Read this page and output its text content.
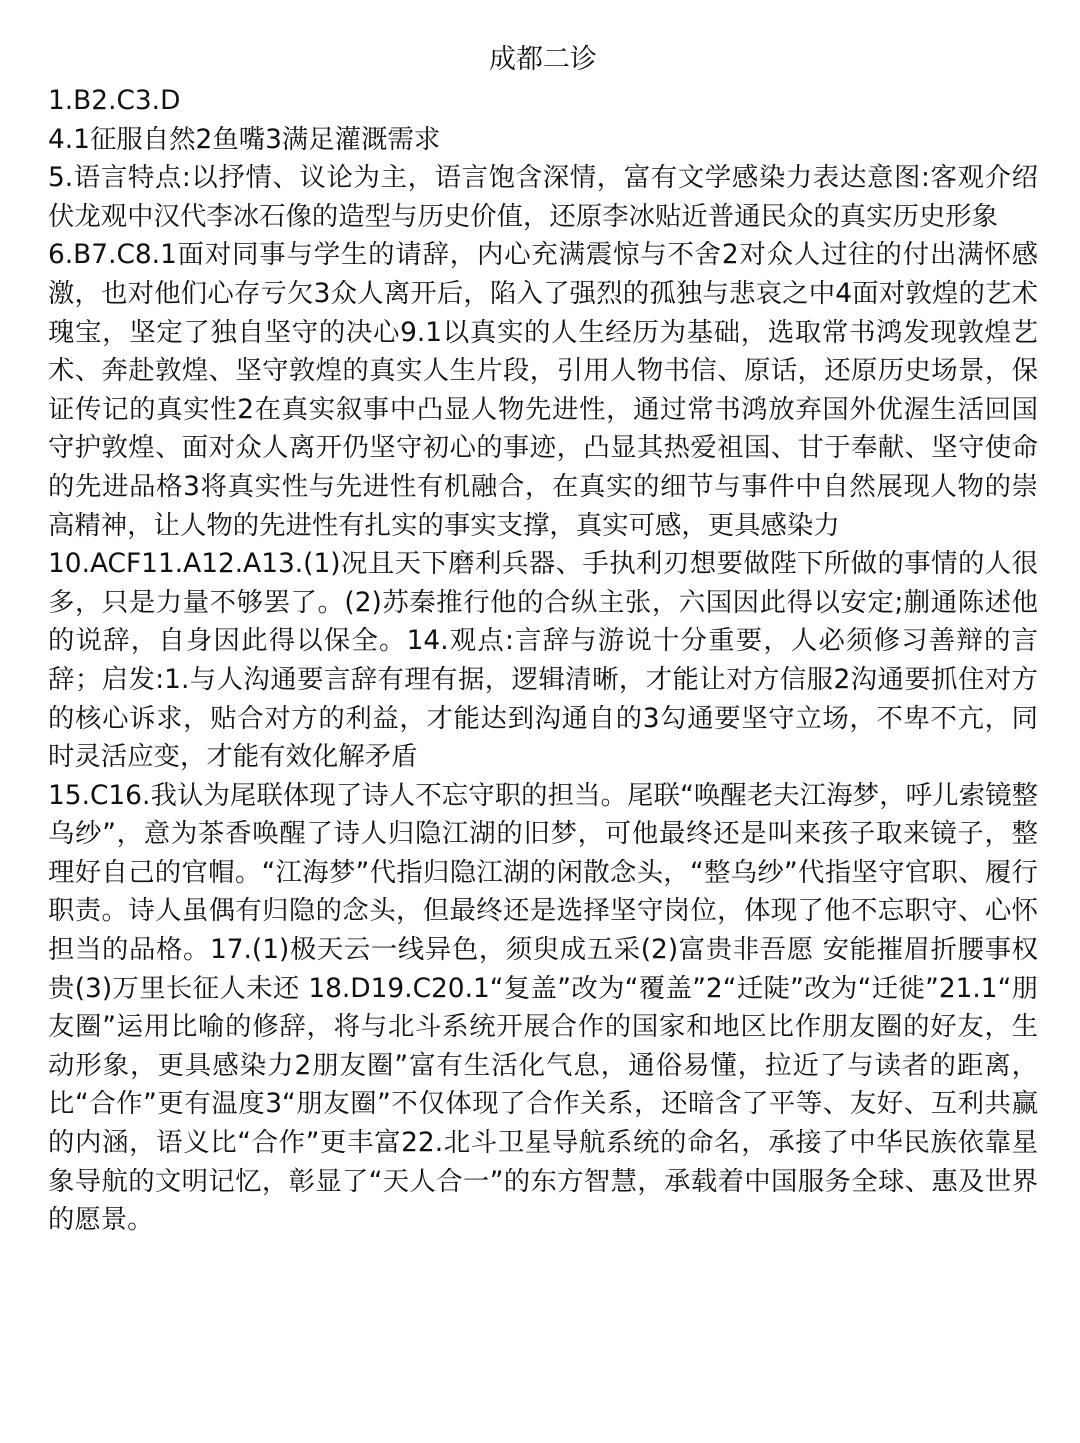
成都二诊

1.B2.C3.D

4.1征服自然2鱼嘴3满足灌溉需求

5.语言特点:以抒情、议论为主，语言饱含深情，富有文学感染力表达意图:客观介绍伏龙观中汉代李冰石像的造型与历史价值，还原李冰贴近普通民众的真实历史形象

6.B7.C8.1面对同事与学生的请辞，内心充满震惊与不舍2对众人过往的付出满怀感激，也对他们心存亏欠3众人离开后，陷入了强烈的孤独与悲哀之中4面对敦煌的艺术瑰宝，坚定了独自坚守的决心9.1以真实的人生经历为基础，选取常书鸿发现敦煌艺术、奔赴敦煌、坚守敦煌的真实人生片段，引用人物书信、原话，还原历史场景，保证传记的真实性2在真实叙事中凸显人物先进性，通过常书鸿放弃国外优渥生活回国守护敦煌、面对众人离开仍坚守初心的事迹，凸显其热爱祖国、甘于奉献、坚守使命的先进品格3将真实性与先进性有机融合，在真实的细节与事件中自然展现人物的崇高精神，让人物的先进性有扎实的事实支撑，真实可感，更具感染力

10.ACF11.A12.A13.(1)况且天下磨利兵器、手执利刃想要做陛下所做的事情的人很多，只是力量不够罢了。(2)苏秦推行他的合纵主张，六国因此得以安定;蒯通陈述他的说辞，自身因此得以保全。14.观点:言辞与游说十分重要，人必须修习善辩的言辞；启发:1.与人沟通要言辞有理有据，逻辑清晰，才能让对方信服2沟通要抓住对方的核心诉求，贴合对方的利益，才能达到沟通自的3勾通要坚守立场，不卑不亢，同时灵活应变，才能有效化解矛盾

15.C16.我认为尾联体现了诗人不忘守职的担当。尾联“唤醒老夫江海梦，呼儿索镜整乌纱”，意为茶香唤醒了诗人归隐江湖的旧梦，可他最终还是叫来孩子取来镜子，整理好自己的官帽。“江海梦”代指归隐江湖的闲散念头，“整乌纱”代指坚守官职、履行职责。诗人虽偶有归隐的念头，但最终还是选择坚守岗位，体现了他不忘职守、心怀担当的品格。17.(1)极天云一线异色，须臾成五采(2)富贵非吾愿 安能摧眉折腰事权贵(3)万里长征人未还 18.D19.C20.1“复盖”改为“覆盖”2“迁陡”改为“迁徙”21.1“朋友圈”运用比喻的修辞，将与北斗系统开展合作的国家和地区比作朋友圈的好友，生动形象，更具感染力2朋友圈”富有生活化气息，通俗易懂，拉近了与读者的距离，比“合作”更有温度3“朋友圈”不仅体现了合作关系，还暗含了平等、友好、互利共赢的内涵，语义比“合作”更丰富22.北斗卫星导航系统的命名，承接了中华民族依靠星象导航的文明记忆，彰显了“天人合一”的东方智慧，承载着中国服务全球、惠及世界的愿景。
